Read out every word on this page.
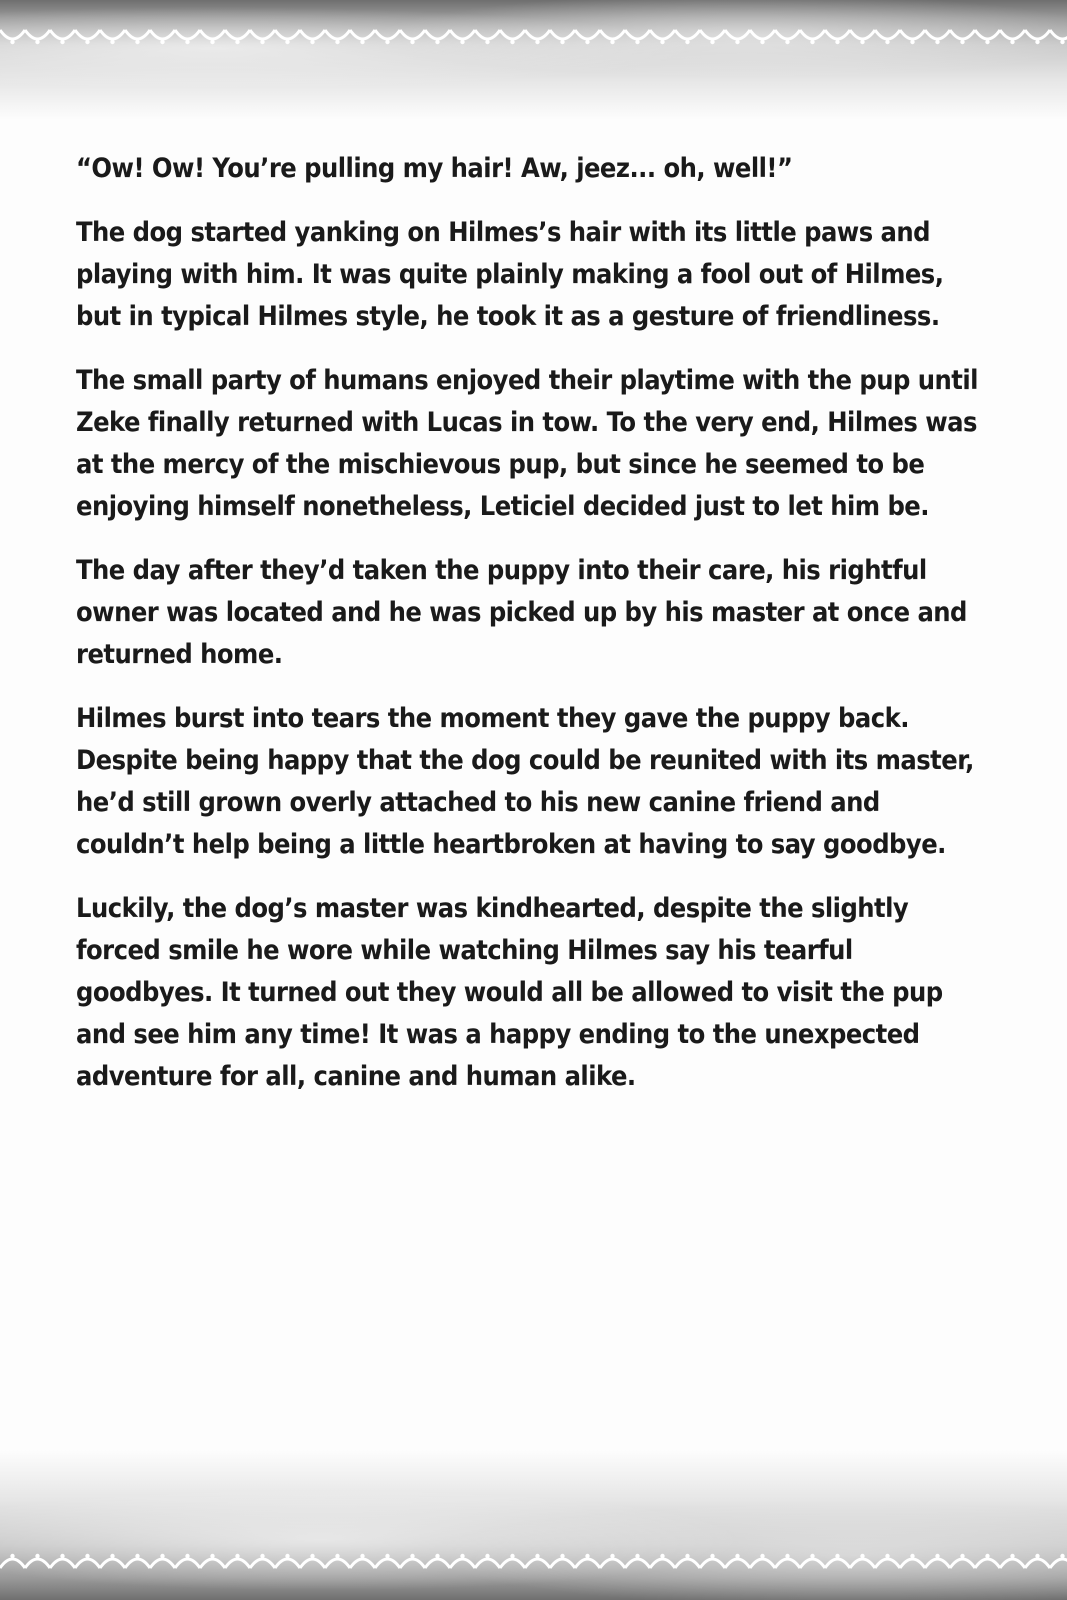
“Ow! Ow! You’re pulling my hair! Aw, jeez... oh, well!”

The dog started yanking on Hilmes’s hair with its little paws and playing with him. It was quite plainly making a fool out of Hilmes, but in typical Hilmes style, he took it as a gesture of friendliness.

The small party of humans enjoyed their playtime with the pup until Zeke finally returned with Lucas in tow. To the very end, Hilmes was at the mercy of the mischievous pup, but since he seemed to be enjoying himself nonetheless, Leticiel decided just to let him be.

The day after they’d taken the puppy into their care, his rightful owner was located and he was picked up by his master at once and returned home.

Hilmes burst into tears the moment they gave the puppy back. Despite being happy that the dog could be reunited with its master, he’d still grown overly attached to his new canine friend and couldn’t help being a little heartbroken at having to say goodbye.

Luckily, the dog’s master was kindhearted, despite the slightly forced smile he wore while watching Hilmes say his tearful goodbyes. It turned out they would all be allowed to visit the pup and see him any time! It was a happy ending to the unexpected adventure for all, canine and human alike.
